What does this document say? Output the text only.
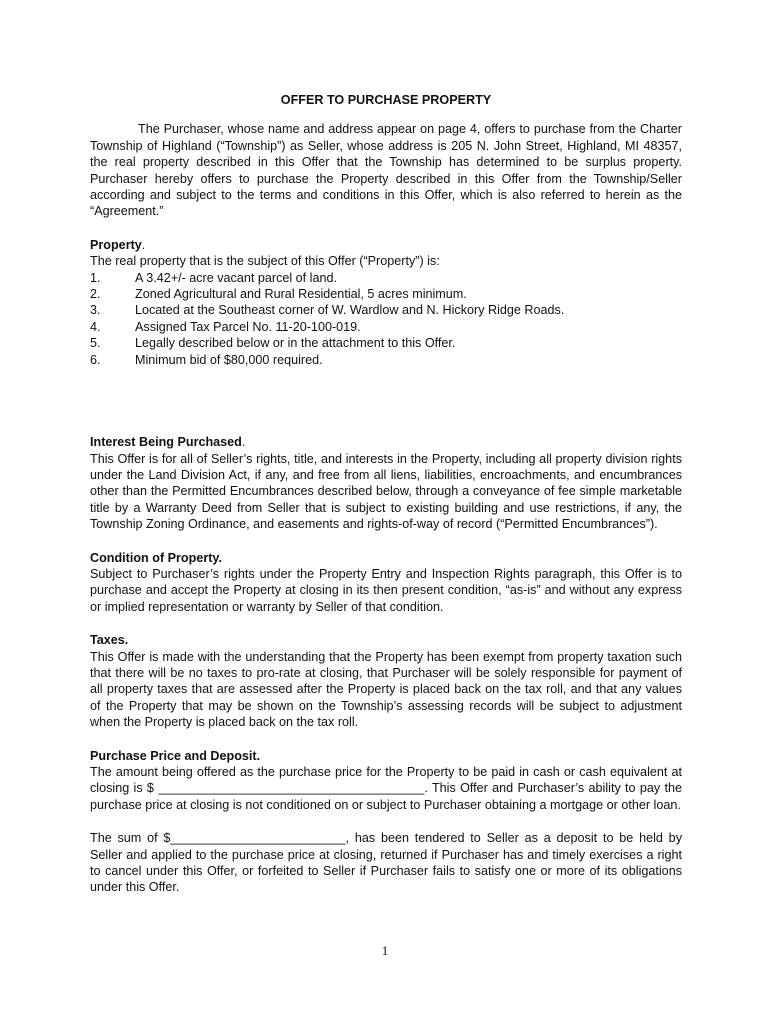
OFFER TO PURCHASE PROPERTY

The Purchaser, whose name and address appear on page 4, offers to purchase from the Charter Township of Highland (“Township”) as Seller, whose address is 205 N. John Street, Highland, MI 48357, the real property described in this Offer that the Township has determined to be surplus property. Purchaser hereby offers to purchase the Property described in this Offer from the Township/Seller according and subject to the terms and conditions in this Offer, which is also referred to herein as the “Agreement.”

Property.

The real property that is the subject of this Offer (“Property”) is:

1.	A 3.42+/- acre vacant parcel of land.
2.	Zoned Agricultural and Rural Residential, 5 acres minimum.
3.	Located at the Southeast corner of W. Wardlow and N. Hickory Ridge Roads.
4.	Assigned Tax Parcel No. 11-20-100-019.
5.	Legally described below or in the attachment to this Offer.
6.	Minimum bid of $80,000 required.
Interest Being Purchased.

This Offer is for all of Seller’s rights, title, and interests in the Property, including all property division rights under the Land Division Act, if any, and free from all liens, liabilities, encroachments, and encumbrances other than the Permitted Encumbrances described below, through a conveyance of fee simple marketable title by a Warranty Deed from Seller that is subject to existing building and use restrictions, if any, the Township Zoning Ordinance, and easements and rights-of-way of record (“Permitted Encumbrances”).

Condition of Property.

Subject to Purchaser’s rights under the Property Entry and Inspection Rights paragraph, this Offer is to purchase and accept the Property at closing in its then present condition, “as-is” and without any express or implied representation or warranty by Seller of that condition.

Taxes.

This Offer is made with the understanding that the Property has been exempt from property taxation such that there will be no taxes to pro-rate at closing, that Purchaser will be solely responsible for payment of all property taxes that are assessed after the Property is placed back on the tax roll, and that any values of the Property that may be shown on the Township’s assessing records will be subject to adjustment when the Property is placed back on the tax roll.

Purchase Price and Deposit.

The amount being offered as the purchase price for the Property to be paid in cash or cash equivalent at closing is $ ______________________________________. This Offer and Purchaser’s ability to pay the purchase price at closing is not conditioned on or subject to Purchaser obtaining a mortgage or other loan.

The sum of $_________________________, has been tendered to Seller as a deposit to be held by Seller and applied to the purchase price at closing, returned if Purchaser has and timely exercises a right to cancel under this Offer, or forfeited to Seller if Purchaser fails to satisfy one or more of its obligations under this Offer.

1
